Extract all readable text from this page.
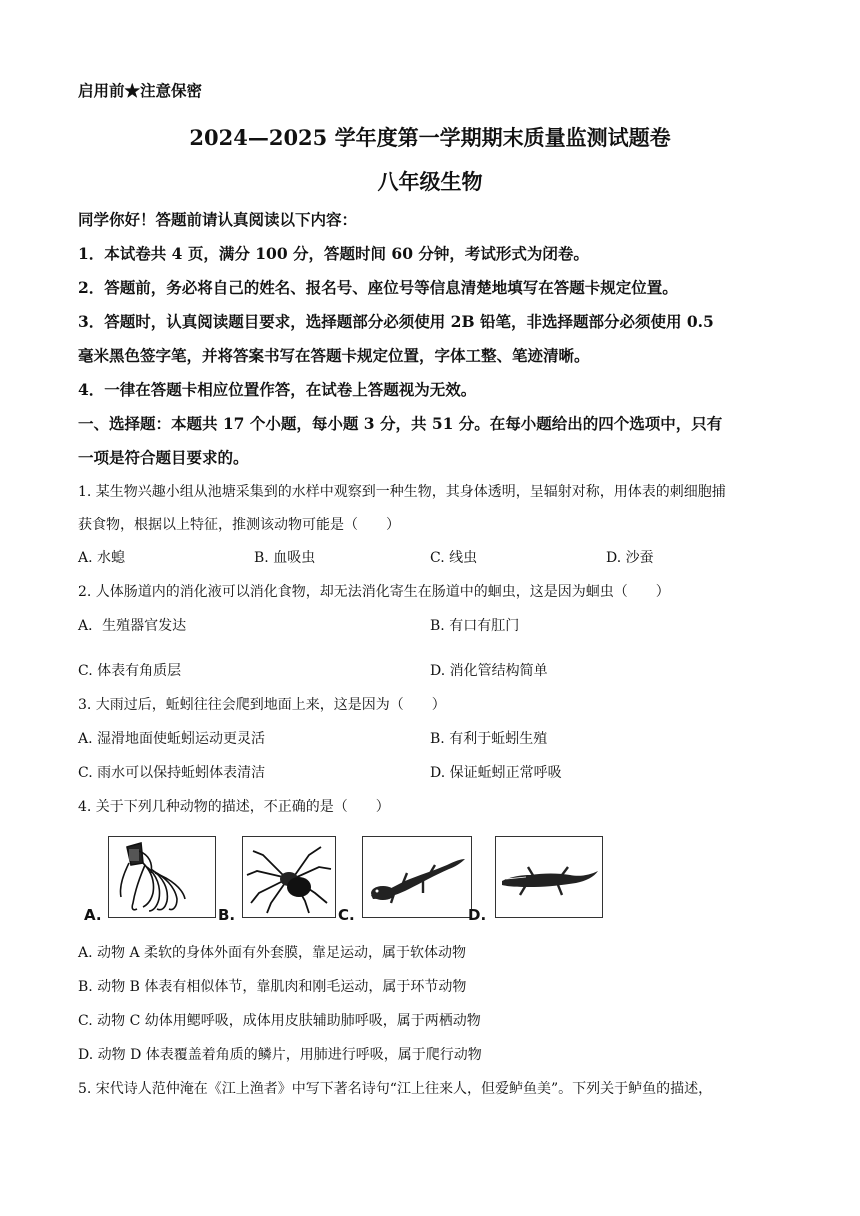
启用前★注意保密
2024—2025 学年度第一学期期末质量监测试题卷
八年级生物
同学你好！答题前请认真阅读以下内容：
1．本试卷共 4 页，满分 100 分，答题时间 60 分钟，考试形式为闭卷。
2．答题前，务必将自己的姓名、报名号、座位号等信息清楚地填写在答题卡规定位置。
3．答题时，认真阅读题目要求，选择题部分必须使用 2B 铅笔，非选择题部分必须使用 0.5
毫米黑色签字笔，并将答案书写在答题卡规定位置，字体工整、笔迹清晰。
4．一律在答题卡相应位置作答，在试卷上答题视为无效。
一、选择题：本题共 17 个小题，每小题 3 分，共 51 分。在每小题给出的四个选项中，只有
一项是符合题目要求的。
1. 某生物兴趣小组从池塘采集到的水样中观察到一种生物，其身体透明，呈辐射对称，用体表的刺细胞捕
获食物，根据以上特征，推测该动物可能是（　　）
A. 水螅	B. 血吸虫	C. 线虫	D. 沙蚕
2. 人体肠道内的消化液可以消化食物，却无法消化寄生在肠道中的蛔虫，这是因为蛔虫（　　）
A．生殖器官发达	B. 有口有肛门
C. 体表有角质层	D. 消化管结构简单
3. 大雨过后，蚯蚓往往会爬到地面上来，这是因为（　　）
A. 湿滑地面使蚯蚓运动更灵活	B. 有利于蚯蚓生殖
C. 雨水可以保持蚯蚓体表清洁	D. 保证蚯蚓正常呼吸
4. 关于下列几种动物的描述，不正确的是（　　）
A.	B.	C.	D.
A. 动物 A 柔软的身体外面有外套膜，靠足运动，属于软体动物
B. 动物 B 体表有相似体节，靠肌肉和刚毛运动，属于环节动物
C. 动物 C 幼体用鳃呼吸，成体用皮肤辅助肺呼吸，属于两栖动物
D. 动物 D 体表覆盖着角质的鳞片，用肺进行呼吸，属于爬行动物
5. 宋代诗人范仲淹在《江上渔者》中写下著名诗句“江上往来人，但爱鲈鱼美”。下列关于鲈鱼的描述，
